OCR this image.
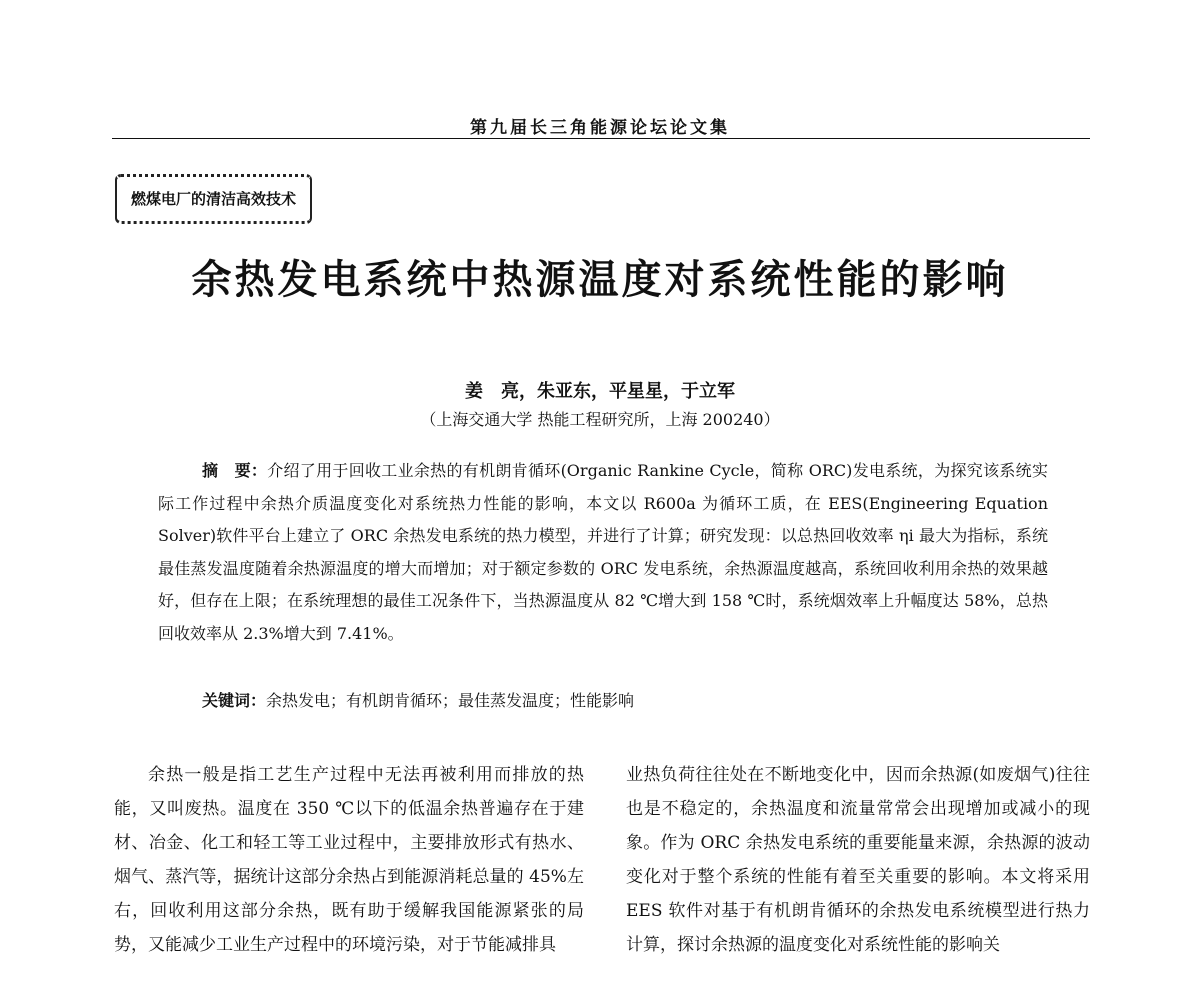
第九届长三角能源论坛论文集
燃煤电厂的清洁高效技术
余热发电系统中热源温度对系统性能的影响
姜　亮，朱亚东，平星星，于立军
（上海交通大学 热能工程研究所，上海 200240）

摘　要：介绍了用于回收工业余热的有机朗肯循环(Organic Rankine Cycle，简称 ORC)发电系统，为探究该系统实际工作过程中余热介质温度变化对系统热力性能的影响，本文以 R600a 为循环工质，在 EES(Engineering Equation Solver)软件平台上建立了 ORC 余热发电系统的热力模型，并进行了计算；研究发现：以总热回收效率 ηi 最大为指标，系统最佳蒸发温度随着余热源温度的增大而增加；对于额定参数的 ORC 发电系统，余热源温度越高，系统回收利用余热的效果越好，但存在上限；在系统理想的最佳工况条件下，当热源温度从 82 ℃增大到 158 ℃时，系统烟效率上升幅度达 58%，总热回收效率从 2.3%增大到 7.41%。

关键词：余热发电；有机朗肯循环；最佳蒸发温度；性能影响

余热一般是指工艺生产过程中无法再被利用而排放的热能，又叫废热。温度在 350 ℃以下的低温余热普遍存在于建材、冶金、化工和轻工等工业过程中，主要排放形式有热水、烟气、蒸汽等，据统计这部分余热占到能源消耗总量的 45%左右，回收利用这部分余热，既有助于缓解我国能源紧张的局势，又能减少工业生产过程中的环境污染，对于节能减排具

业热负荷往往处在不断地变化中，因而余热源(如废烟气)往往也是不稳定的，余热温度和流量常常会出现增加或减小的现象。作为 ORC 余热发电系统的重要能量来源，余热源的波动变化对于整个系统的性能有着至关重要的影响。本文将采用 EES 软件对基于有机朗肯循环的余热发电系统模型进行热力计算，探讨余热源的温度变化对系统性能的影响关
